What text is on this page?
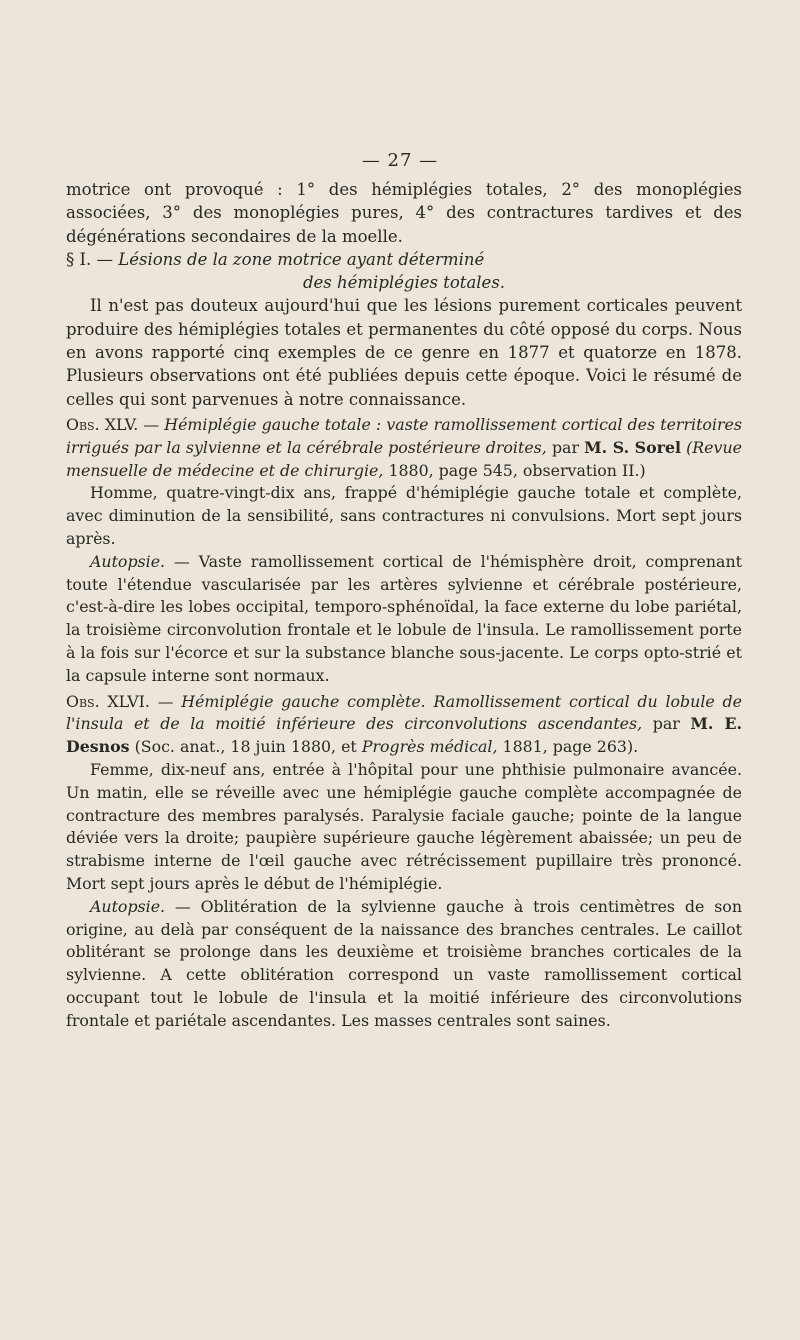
— 27 —

motrice ont provoqué : 1° des hémiplégies totales, 2° des monoplégies associées, 3° des monoplégies pures, 4° des contractures tardives et des dégénérations secondaires de la moelle.

§ I. — Lésions de la zone motrice ayant déterminé

des hémiplégies totales.

Il n'est pas douteux aujourd'hui que les lésions purement corticales peuvent produire des hémiplégies totales et permanentes du côté opposé du corps. Nous en avons rapporté cinq exemples de ce genre en 1877 et quatorze en 1878. Plusieurs observations ont été publiées depuis cette époque. Voici le résumé de celles qui sont parvenues à notre connaissance.

Obs. XLV. — Hémiplégie gauche totale : vaste ramollissement cortical des territoires irrigués par la sylvienne et la cérébrale postérieure droites, par M. S. Sorel (Revue mensuelle de médecine et de chirurgie, 1880, page 545, observation II.)

Homme, quatre-vingt-dix ans, frappé d'hémiplégie gauche totale et complète, avec diminution de la sensibilité, sans contractures ni convulsions. Mort sept jours après.

Autopsie. — Vaste ramollissement cortical de l'hémisphère droit, comprenant toute l'étendue vascularisée par les artères sylvienne et cérébrale postérieure, c'est-à-dire les lobes occipital, temporo-sphénoïdal, la face externe du lobe pariétal, la troisième circonvolution frontale et le lobule de l'insula. Le ramollissement porte à la fois sur l'écorce et sur la substance blanche sous-jacente. Le corps opto-strié et la capsule interne sont normaux.

Obs. XLVI. — Hémiplégie gauche complète. Ramollissement cortical du lobule de l'insula et de la moitié inférieure des circonvolutions ascendantes, par M. E. Desnos (Soc. anat., 18 juin 1880, et Progrès médical, 1881, page 263).

Femme, dix-neuf ans, entrée à l'hôpital pour une phthisie pulmonaire avancée. Un matin, elle se réveille avec une hémiplégie gauche complète accompagnée de contracture des membres paralysés. Paralysie faciale gauche; pointe de la langue déviée vers la droite; paupière supérieure gauche légèrement abaissée; un peu de strabisme interne de l'œil gauche avec rétrécissement pupillaire très prononcé. Mort sept jours après le début de l'hémiplégie.

Autopsie. — Oblitération de la sylvienne gauche à trois centimètres de son origine, au delà par conséquent de la naissance des branches centrales. Le caillot oblitérant se prolonge dans les deuxième et troisième branches corticales de la sylvienne. A cette oblitération correspond un vaste ramollissement cortical occupant tout le lobule de l'insula et la moitié inférieure des circonvolutions frontale et pariétale ascendantes. Les masses centrales sont saines.
